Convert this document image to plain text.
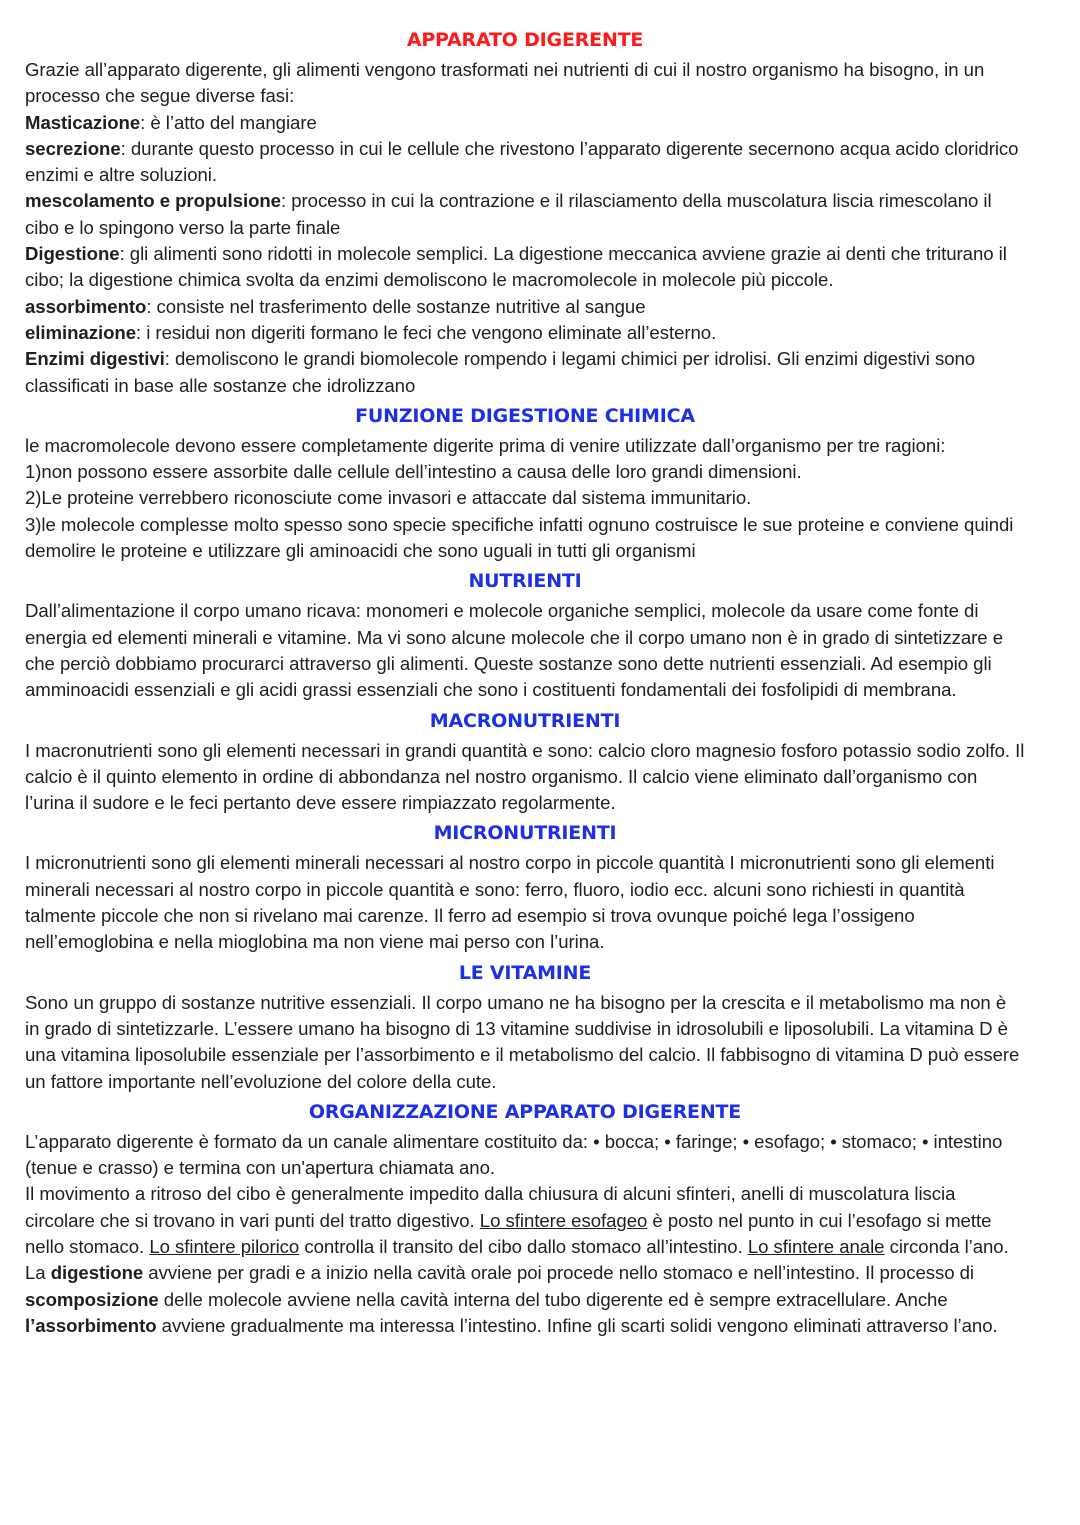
APPARATO DIGERENTE

Grazie all’apparato digerente, gli alimenti vengono trasformati nei nutrienti di cui il nostro organismo ha bisogno, in un processo che segue diverse fasi:

Masticazione: è l’atto del mangiare

secrezione: durante questo processo in cui le cellule che rivestono l’apparato digerente secernono acqua acido cloridrico enzimi e altre soluzioni.

mescolamento e propulsione: processo in cui la contrazione e il rilasciamento della muscolatura liscia rimescolano il cibo e lo spingono verso la parte finale

Digestione: gli alimenti sono ridotti in molecole semplici. La digestione meccanica avviene grazie ai denti che triturano il cibo; la digestione chimica svolta da enzimi demoliscono le macromolecole in molecole più piccole.

assorbimento: consiste nel trasferimento delle sostanze nutritive al sangue

eliminazione: i residui non digeriti formano le feci che vengono eliminate all’esterno.

Enzimi digestivi: demoliscono le grandi biomolecole rompendo i legami chimici per idrolisi. Gli enzimi digestivi sono classificati in base alle sostanze che idrolizzano

FUNZIONE DIGESTIONE CHIMICA

le macromolecole devono essere completamente digerite prima di venire utilizzate dall’organismo per tre ragioni:

1)non possono essere assorbite dalle cellule dell’intestino a causa delle loro grandi dimensioni.

2)Le proteine verrebbero riconosciute come invasori e attaccate dal sistema immunitario.

3)le molecole complesse molto spesso sono specie specifiche infatti ognuno costruisce le sue proteine e conviene quindi demolire le proteine e utilizzare gli aminoacidi che sono uguali in tutti gli organismi

NUTRIENTI

Dall’alimentazione il corpo umano ricava: monomeri e molecole organiche semplici, molecole da usare come fonte di energia ed elementi minerali e vitamine. Ma vi sono alcune molecole che il corpo umano non è in grado di sintetizzare e che perciò dobbiamo procurarci attraverso gli alimenti. Queste sostanze sono dette nutrienti essenziali. Ad esempio gli amminoacidi essenziali e gli acidi grassi essenziali che sono i costituenti fondamentali dei fosfolipidi di membrana.

MACRONUTRIENTI

I macronutrienti sono gli elementi necessari in grandi quantità e sono: calcio cloro magnesio fosforo potassio sodio zolfo. Il calcio è il quinto elemento in ordine di abbondanza nel nostro organismo. Il calcio viene eliminato dall’organismo con l’urina il sudore e le feci pertanto deve essere rimpiazzato regolarmente.

MICRONUTRIENTI

I micronutrienti sono gli elementi minerali necessari al nostro corpo in piccole quantità I micronutrienti sono gli elementi minerali necessari al nostro corpo in piccole quantità e sono: ferro, fluoro, iodio ecc. alcuni sono richiesti in quantità talmente piccole che non si rivelano mai carenze. Il ferro ad esempio si trova ovunque poiché lega l’ossigeno nell’emoglobina e nella mioglobina ma non viene mai perso con l’urina.

LE VITAMINE

Sono un gruppo di sostanze nutritive essenziali. Il corpo umano ne ha bisogno per la crescita e il metabolismo ma non è in grado di sintetizzarle. L’essere umano ha bisogno di 13 vitamine suddivise in idrosolubili e liposolubili. La vitamina D è una vitamina liposolubile essenziale per l’assorbimento e il metabolismo del calcio. Il fabbisogno di vitamina D può essere un fattore importante nell’evoluzione del colore della cute.

ORGANIZZAZIONE APPARATO DIGERENTE

L’apparato digerente è formato da un canale alimentare costituito da: • bocca; • faringe; • esofago; • stomaco; • intestino (tenue e crasso) e termina con un'apertura chiamata ano.

Il movimento a ritroso del cibo è generalmente impedito dalla chiusura di alcuni sfinteri, anelli di muscolatura liscia circolare che si trovano in vari punti del tratto digestivo. Lo sfintere esofageo è posto nel punto in cui l’esofago si mette nello stomaco. Lo sfintere pilorico controlla il transito del cibo dallo stomaco all’intestino. Lo sfintere anale circonda l’ano. La digestione avviene per gradi e a inizio nella cavità orale poi procede nello stomaco e nell’intestino. Il processo di scomposizione delle molecole avviene nella cavità interna del tubo digerente ed è sempre extracellulare. Anche l’assorbimento avviene gradualmente ma interessa l’intestino. Infine gli scarti solidi vengono eliminati attraverso l’ano.
